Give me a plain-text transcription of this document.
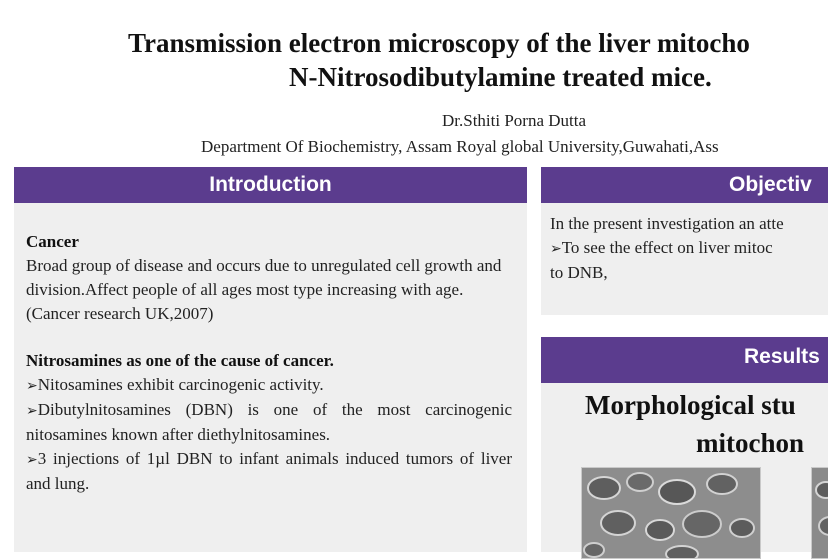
Transmission electron microscopy of the liver mitocho
N-Nitrosodibutylamine treated mice.
Dr.Sthiti Porna Dutta
Department Of Biochemistry, Assam Royal global University,Guwahati,Ass
Introduction
Cancer
Broad group of disease and occurs due to unregulated cell growth and division.Affect people of all ages most type increasing with age.(Cancer research UK,2007)
Nitrosamines as one of the cause of cancer.
➢Nitosamines exhibit carcinogenic activity.
➢Dibutylnitosamines (DBN) is one of the most carcinogenic nitosamines known after diethylnitosamines.
➢3 injections of 1µl DBN to infant animals induced tumors of liver and lung.
Objectiv
In the present investigation an atte
➢To see the effect on liver mitoc
to DNB,
Results
Morphological stu
mitochon
